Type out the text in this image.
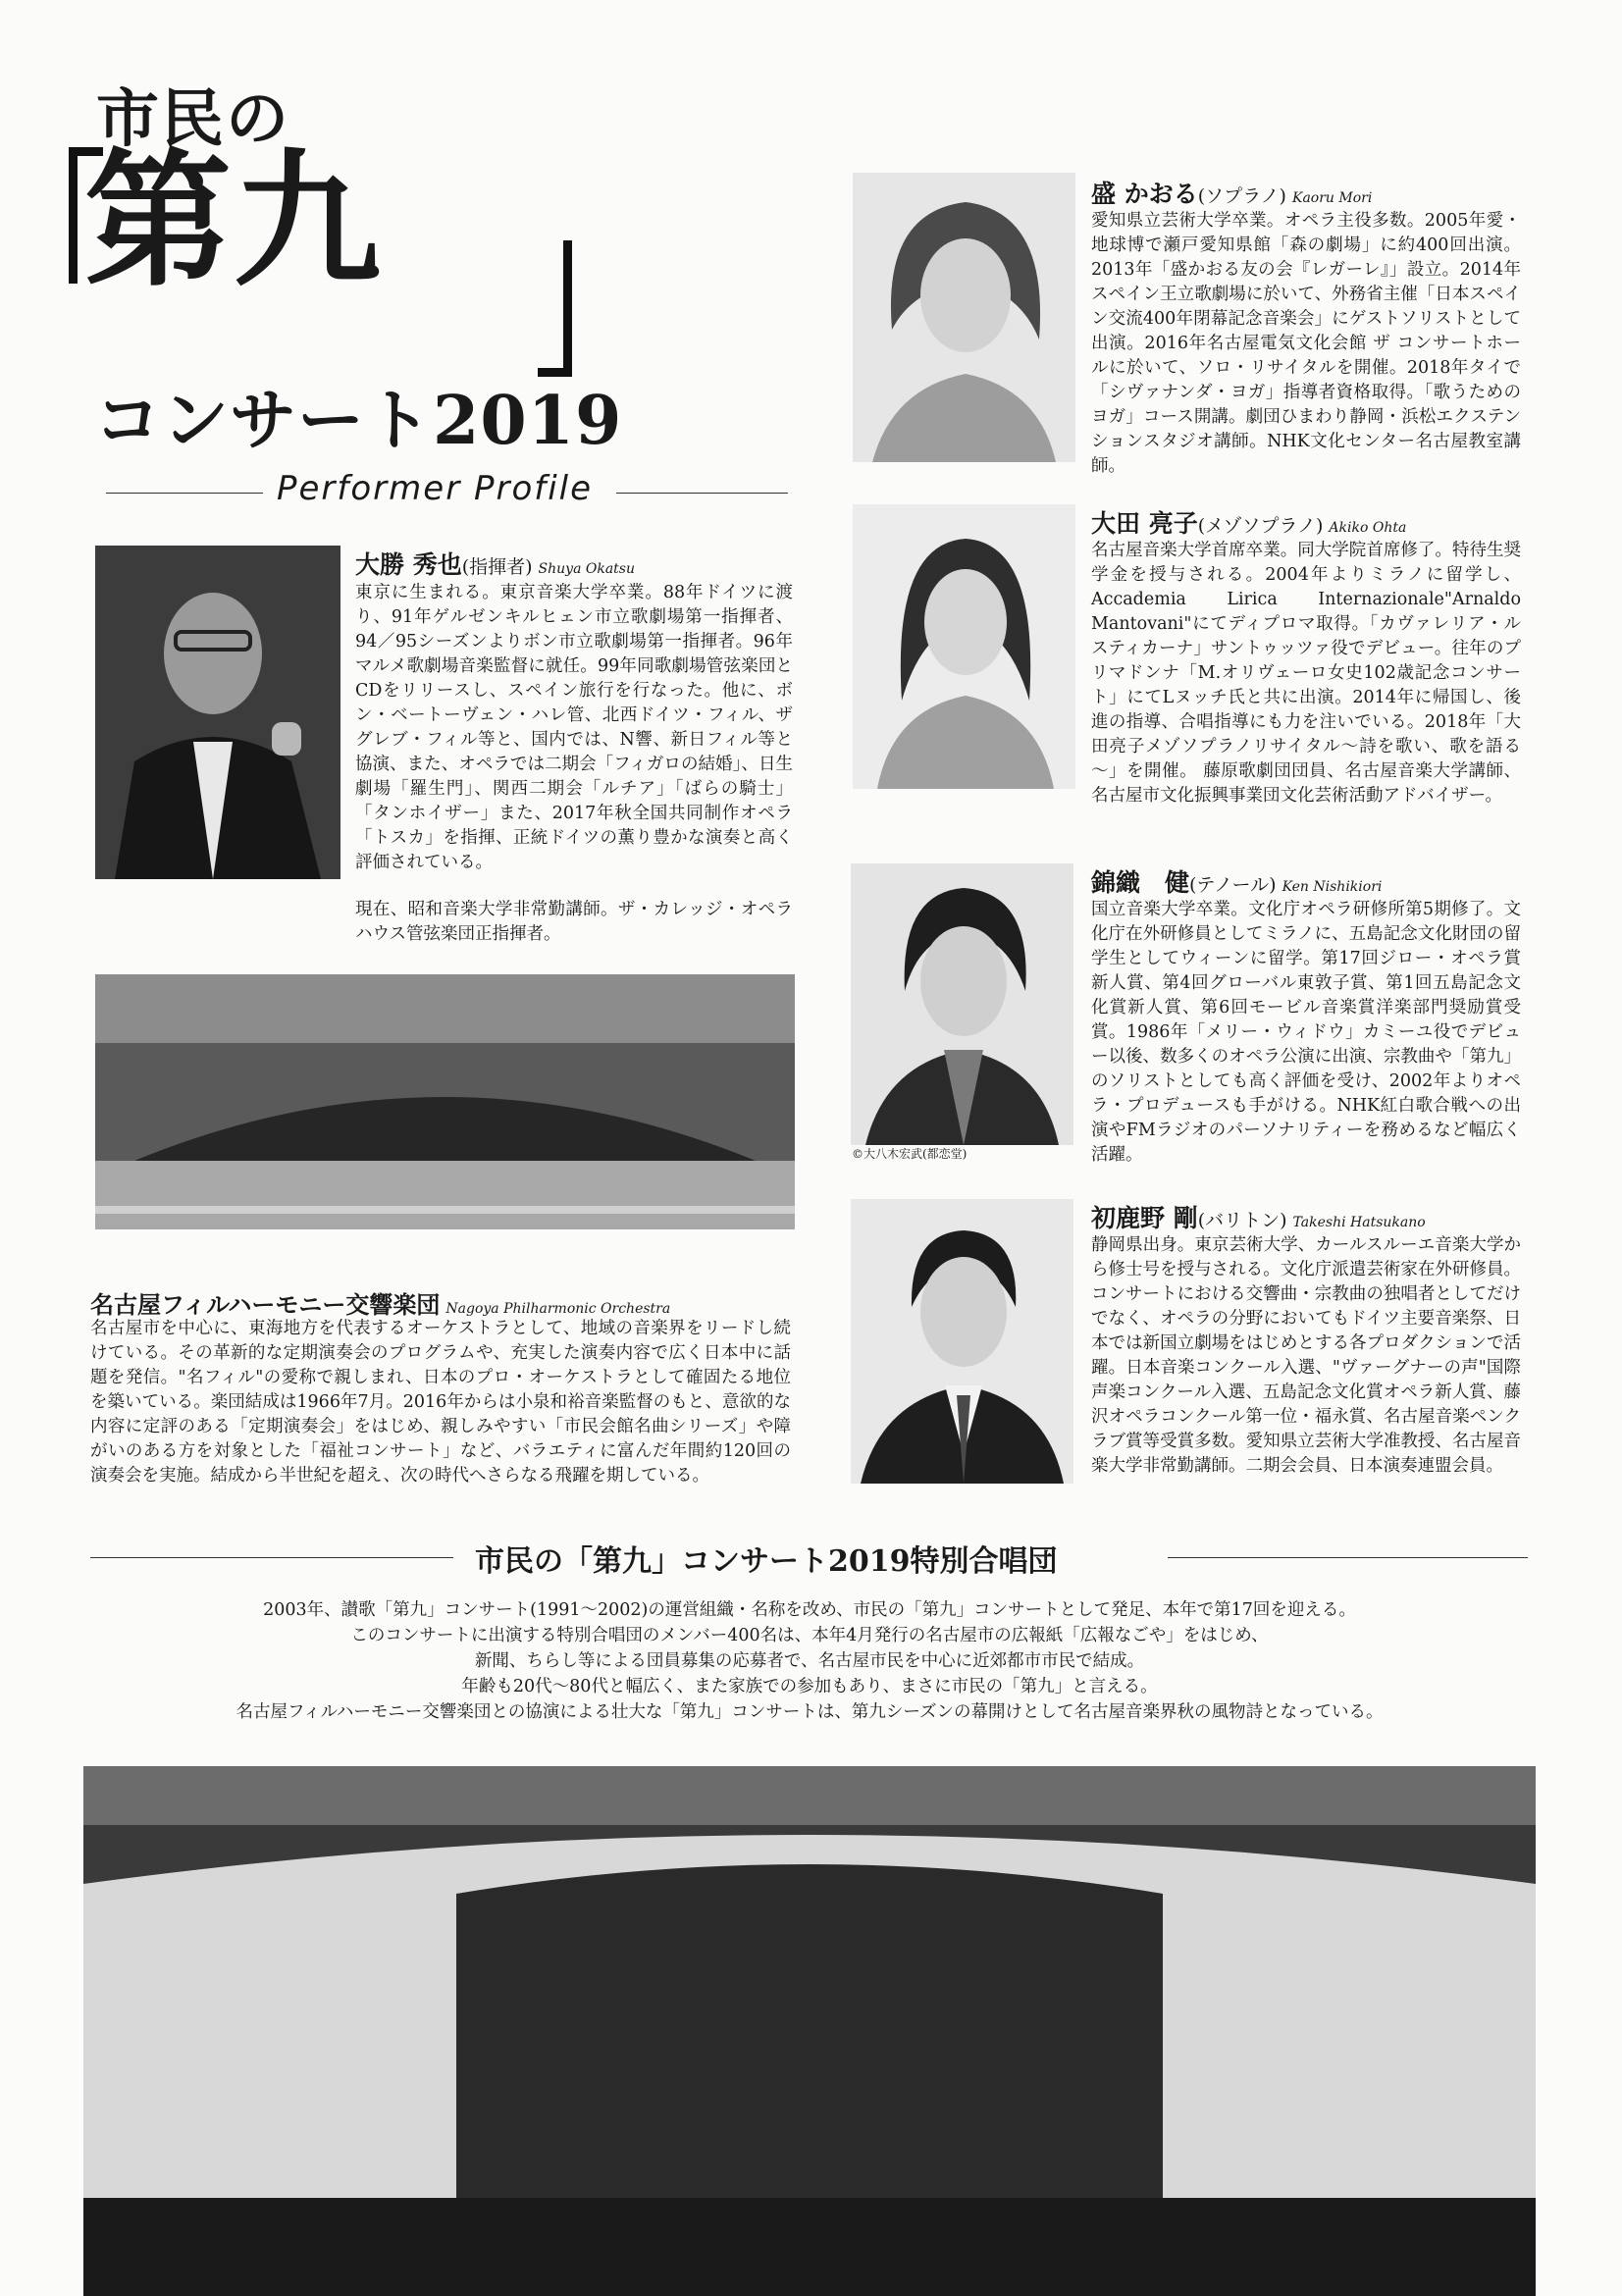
市民の
第九
コンサート2019
Performer Profile
大勝 秀也(指揮者) Shuya Okatsu
東京に生まれる。東京音楽大学卒業。88年ドイツに渡り、91年ゲルゼンキルヒェン市立歌劇場第一指揮者、94／95シーズンよりボン市立歌劇場第一指揮者。96年マルメ歌劇場音楽監督に就任。99年同歌劇場管弦楽団とCDをリリースし、スペイン旅行を行なった。他に、ボン・ベートーヴェン・ハレ管、北西ドイツ・フィル、ザグレブ・フィル等と、国内では、N響、新日フィル等と協演、また、オペラでは二期会「フィガロの結婚」、日生劇場「羅生門」、関西二期会「ルチア」「ばらの騎士」「タンホイザー」また、2017年秋全国共同制作オペラ「トスカ」を指揮、正統ドイツの薫り豊かな演奏と高く評価されている。
現在、昭和音楽大学非常勤講師。ザ・カレッジ・オペラハウス管弦楽団正指揮者。
名古屋フィルハーモニー交響楽団 Nagoya Philharmonic Orchestra
名古屋市を中心に、東海地方を代表するオーケストラとして、地域の音楽界をリードし続けている。その革新的な定期演奏会のプログラムや、充実した演奏内容で広く日本中に話題を発信。"名フィル"の愛称で親しまれ、日本のプロ・オーケストラとして確固たる地位を築いている。楽団結成は1966年7月。2016年からは小泉和裕音楽監督のもと、意欲的な内容に定評のある「定期演奏会」をはじめ、親しみやすい「市民会館名曲シリーズ」や障がいのある方を対象とした「福祉コンサート」など、バラエティに富んだ年間約120回の演奏会を実施。結成から半世紀を超え、次の時代へさらなる飛躍を期している。
盛 かおる(ソプラノ) Kaoru Mori
愛知県立芸術大学卒業。オペラ主役多数。2005年愛・地球博で瀬戸愛知県館「森の劇場」に約400回出演。2013年「盛かおる友の会『レガーレ』」設立。2014年スペイン王立歌劇場に於いて、外務省主催「日本スペイン交流400年閉幕記念音楽会」にゲストソリストとして出演。2016年名古屋電気文化会館 ザ コンサートホールに於いて、ソロ・リサイタルを開催。2018年タイで「シヴァナンダ・ヨガ」指導者資格取得。「歌うためのヨガ」コース開講。劇団ひまわり静岡・浜松エクステンションスタジオ講師。NHK文化センター名古屋教室講師。
大田 亮子(メゾソプラノ) Akiko Ohta
名古屋音楽大学首席卒業。同大学院首席修了。特待生奨学金を授与される。2004年よりミラノに留学し、Accademia Lirica Internazionale"Arnaldo Mantovani"にてディプロマ取得。「カヴァレリア・ルスティカーナ」サントゥッツァ役でデビュー。往年のプリマドンナ「M.オリヴェーロ女史102歳記念コンサート」にてLヌッチ氏と共に出演。2014年に帰国し、後進の指導、合唱指導にも力を注いでいる。2018年「大田亮子メゾソプラノリサイタル～詩を歌い、歌を語る～」を開催。 藤原歌劇団団員、名古屋音楽大学講師、名古屋市文化振興事業団文化芸術活動アドバイザー。
©大八木宏武(都恋堂)
錦織　健(テノール) Ken Nishikiori
国立音楽大学卒業。文化庁オペラ研修所第5期修了。文化庁在外研修員としてミラノに、五島記念文化財団の留学生としてウィーンに留学。第17回ジロー・オペラ賞新人賞、第4回グローバル東敦子賞、第1回五島記念文化賞新人賞、第6回モービル音楽賞洋楽部門奨励賞受賞。1986年「メリー・ウィドウ」カミーユ役でデビュー以後、数多くのオペラ公演に出演、宗教曲や「第九」のソリストとしても高く評価を受け、2002年よりオペラ・プロデュースも手がける。NHK紅白歌合戦への出演やFMラジオのパーソナリティーを務めるなど幅広く活躍。
初鹿野 剛(バリトン) Takeshi Hatsukano
静岡県出身。東京芸術大学、カールスルーエ音楽大学から修士号を授与される。文化庁派遣芸術家在外研修員。コンサートにおける交響曲・宗教曲の独唱者としてだけでなく、オペラの分野においてもドイツ主要音楽祭、日本では新国立劇場をはじめとする各プロダクションで活躍。日本音楽コンクール入選、"ヴァーグナーの声"国際声楽コンクール入選、五島記念文化賞オペラ新人賞、藤沢オペラコンクール第一位・福永賞、名古屋音楽ペンクラブ賞等受賞多数。愛知県立芸術大学准教授、名古屋音楽大学非常勤講師。二期会会員、日本演奏連盟会員。
市民の「第九」コンサート2019特別合唱団
2003年、讃歌「第九」コンサート(1991～2002)の運営組織・名称を改め、市民の「第九」コンサートとして発足、本年で第17回を迎える。
このコンサートに出演する特別合唱団のメンバー400名は、本年4月発行の名古屋市の広報紙「広報なごや」をはじめ、
新聞、ちらし等による団員募集の応募者で、名古屋市民を中心に近郊都市市民で結成。
年齢も20代～80代と幅広く、また家族での参加もあり、まさに市民の「第九」と言える。
名古屋フィルハーモニー交響楽団との協演による壮大な「第九」コンサートは、第九シーズンの幕開けとして名古屋音楽界秋の風物詩となっている。
